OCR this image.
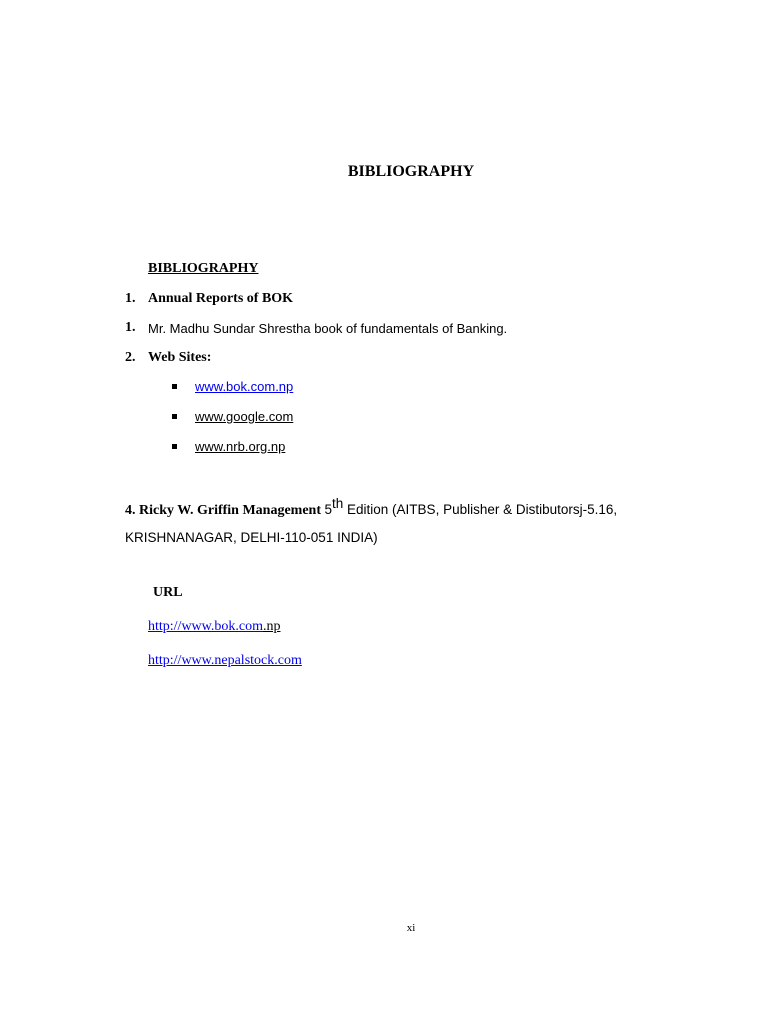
BIBLIOGRAPHY
BIBLIOGRAPHY
1. Annual Reports of BOK
1. Mr. Madhu Sundar Shrestha book of fundamentals of Banking.
2. Web Sites:
www.bok.com.np
www.google.com
www.nrb.org.np
4. Ricky W. Griffin Management 5th Edition (AITBS, Publisher & Distibutorsj-5.16,
KRISHNANAGAR, DELHI-110-051 INDIA)
URL
http://www.bok.com.np
http://www.nepalstock.com
xi
